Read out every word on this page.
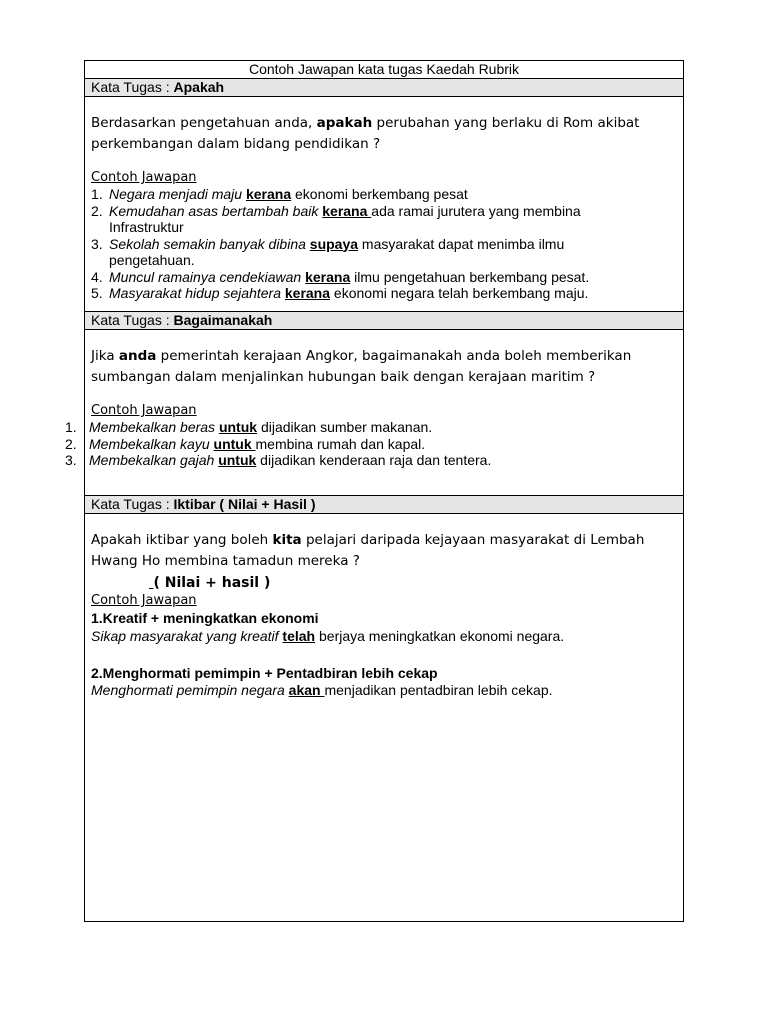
Contoh Jawapan kata tugas Kaedah Rubrik
Kata Tugas : Apakah
Berdasarkan pengetahuan anda, apakah perubahan yang berlaku di Rom akibat perkembangan dalam bidang pendidikan ?
Contoh Jawapan
1. Negara menjadi maju kerana ekonomi berkembang pesat
2. Kemudahan asas bertambah baik kerana ada ramai jurutera yang membina
Infrastruktur
3. Sekolah semakin banyak dibina supaya masyarakat dapat menimba ilmu
pengetahuan.
4. Muncul ramainya cendekiawan kerana ilmu pengetahuan berkembang pesat.
5. Masyarakat hidup sejahtera kerana ekonomi negara telah berkembang maju.
Kata Tugas : Bagaimanakah
Jika anda pemerintah kerajaan Angkor, bagaimanakah anda boleh memberikan sumbangan dalam menjalinkan hubungan baik dengan kerajaan maritim ?
Contoh Jawapan
1. Membekalkan beras untuk dijadikan sumber makanan.
2. Membekalkan kayu untuk membina rumah dan kapal.
3. Membekalkan gajah untuk dijadikan kenderaan raja dan tentera.
Kata Tugas : Iktibar ( Nilai + Hasil )
Apakah iktibar yang boleh kita pelajari daripada kejayaan masyarakat di Lembah Hwang Ho membina tamadun mereka ?
( Nilai + hasil )
Contoh Jawapan
1.Kreatif + meningkatkan ekonomi
Sikap masyarakat yang kreatif telah berjaya meningkatkan ekonomi negara.
2.Menghormati pemimpin + Pentadbiran lebih cekap
Menghormati pemimpin negara akan menjadikan pentadbiran lebih cekap.
